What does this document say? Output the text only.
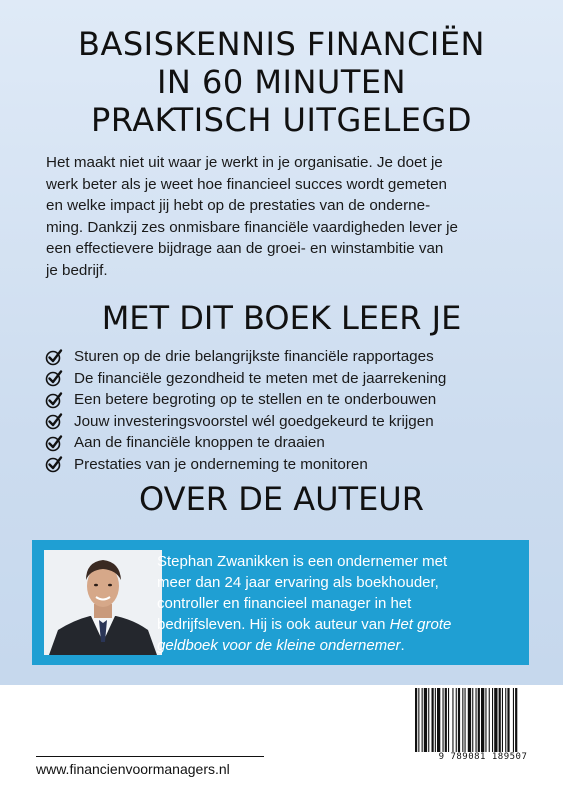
BASISKENNIS FINANCIËN
IN 60 MINUTEN
PRAKTISCH UITGELEGD
Het maakt niet uit waar je werkt in je organisatie. Je doet je
werk beter als je weet hoe financieel succes wordt gemeten
en welke impact jij hebt op de prestaties van de onderne-
ming. Dankzij zes onmisbare financiële vaardigheden lever je
een effectievere bijdrage aan de groei- en winstambitie van
je bedrijf.
MET DIT BOEK LEER JE
Sturen op de drie belangrijkste financiële rapportages
De financiële gezondheid te meten met de jaarrekening
Een betere begroting op te stellen en te onderbouwen
Jouw investeringsvoorstel wél goedgekeurd te krijgen
Aan de financiële knoppen te draaien
Prestaties van je onderneming te monitoren
OVER DE AUTEUR
Stephan Zwanikken is een ondernemer met
meer dan 24 jaar ervaring als boekhouder,
controller en financieel manager in het
bedrijfsleven. Hij is ook auteur van Het grote
geldboek voor de kleine ondernemer.
9 789081 189507
www.financienvoormanagers.nl
